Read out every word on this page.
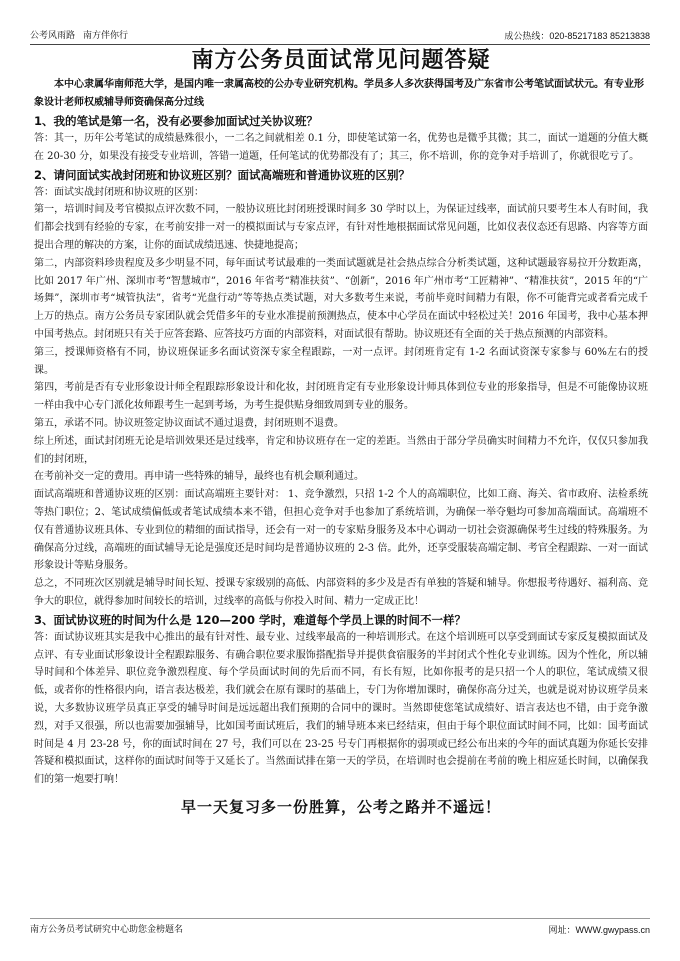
公考风雨路 南方伴你行	成公热线：020-85217183 85213838
南方公务员面试常见问题答疑
本中心隶属华南师范大学，是国内唯一隶属高校的公办专业研究机构。学员多人多次获得国考及广东省市公考笔试面试状元。有专业形象设计老师权威辅导师资确保高分过线
1、我的笔试是第一名，没有必要参加面试过关协议班？

答：其一，历年公考笔试的成绩悬殊很小，一二名之间就相差 0.1 分，即使笔试第一名，优势也是微乎其微；其二，面试一道题的分值大概在 20-30 分，如果没有接受专业培训，答错一道题，任何笔试的优势都没有了；其三，你不培训，你的竞争对手培训了，你就很吃亏了。

2、请问面试实战封闭班和协议班区别？面试高端班和普通协议班的区别？

答：面试实战封闭班和协议班的区别：

第一，培训时间及考官模拟点评次数不同，一般协议班比封闭班授课时间多 30 学时以上，为保证过线率，面试前只要考生本人有时间，我们都会找到有经验的专家，在考前安排一对一的模拟面试与专家点评，有针对性地根据面试常见问题，比如仪表仪态还有思路、内容等方面提出合理的解决的方案，让你的面试成绩迅速、快捷地提高；

第二，内部资料珍贵程度及多少明显不同，每年面试考试最难的一类面试题就是社会热点综合分析类试题，这种试题最容易拉开分数距离，比如 2017 年广州、深圳市考“智慧城市”，2016 年省考“精准扶贫”、“创新”，2016 年广州市考“工匠精神”、“精准扶贫”，2015 年的“广场舞”，深圳市考“城管执法”，省考“光盘行动”等等热点类试题，对大多数考生来说，考前毕竟时间精力有限，你不可能背完或者看完成千上万的热点。南方公务员专家团队就会凭借多年的专业水准提前预测热点，使本中心学员在面试中轻松过关！2016 年国考，我中心基本押中国考热点。封闭班只有关于应答套路、应答技巧方面的内部资料，对面试很有帮助。协议班还有全面的关于热点预测的内部资料。

第三，授课师资格有不同，协议班保证多名面试资深专家全程跟踪，一对一点评。封闭班肯定有 1-2 名面试资深专家参与 60%左右的授课。

第四，考前是否有专业形象设计师全程跟踪形象设计和化妆，封闭班肯定有专业形象设计师具体到位专业的形象指导，但是不可能像协议班一样由我中心专门派化妆师跟考生一起到考场，为考生提供贴身细致周到专业的服务。

第五，承诺不同。协议班签定协议面试不通过退费，封闭班则不退费。

综上所述，面试封闭班无论是培训效果还是过线率，肯定和协议班存在一定的差距。当然由于部分学员确实时间精力不允许，仅仅只参加我们的封闭班，

在考前补交一定的费用。再申请一些特殊的辅导，最终也有机会顺利通过。

面试高端班和普通协议班的区别：面试高端班主要针对： 1、竞争激烈，只招 1-2 个人的高端职位，比如工商、海关、省市政府、法检系统等热门职位；2、笔试成绩偏低或者笔试成绩本来不错，但担心竞争对手也参加了系统培训，为确保一举夺魁均可参加高端面试。高端班不仅有普通协议班具体、专业到位的精细的面试指导，还会有一对一的专家贴身服务及本中心调动一切社会资源确保考生过线的特殊服务。为确保高分过线，高端班的面试辅导无论是强度还是时间均是普通协议班的 2-3 倍。此外，还享受服装高端定制、考官全程跟踪、一对一面试形象设计等贴身服务。

总之，不同班次区别就是辅导时间长短、授课专家级别的高低、内部资料的多少及是否有单独的答疑和辅导。你想报考待遇好、福利高、竞争大的职位，就得参加时间较长的培训，过线率的高低与你投入时间、精力一定成正比！

3、面试协议班的时间为什么是 120—200 学时，难道每个学员上课的时间不一样？

答：面试协议班其实是我中心推出的最有针对性、最专业、过线率最高的一种培训形式。在这个培训班可以享受到面试专家反复模拟面试及点评、有专业面试形象设计全程跟踪服务、有确合职位要求服饰搭配指导并提供食宿服务的半封闭式个性化专业训练。因为个性化，所以辅导时间和个体差异、职位竞争激烈程度、每个学员面试时间的先后而不同，有长有短，比如你报考的是只招一个人的职位，笔试成绩又很低，或者你的性格很内向，语言表达极差，我们就会在原有课时的基础上，专门为你增加课时，确保你高分过关，也就是说对协议班学员来说，大多数协议班学员真正享受的辅导时间是远远超出我们预期的合同中的课时。当然即使您笔试成绩好、语言表达也不错，由于竞争激烈，对手又很强，所以也需要加强辅导，比如国考面试班后，我们的辅导班本来已经结束，但由于每个职位面试时间不同，比如：国考面试时间是 4 月 23-28 号，你的面试时间在 27 号，我们可以在 23-25 号专门再根据你的弱项或已经公布出来的今年的面试真题为你延长安排答疑和模拟面试，这样你的面试时间等于又延长了。当然面试排在第一天的学员，在培训时也会提前在考前的晚上相应延长时间，以确保我们的第一炮要打响！

早一天复习多一份胜算，公考之路并不遥远！
南方公务员考试研究中心助您金榜题名	网址：WWW.gwypass.cn
